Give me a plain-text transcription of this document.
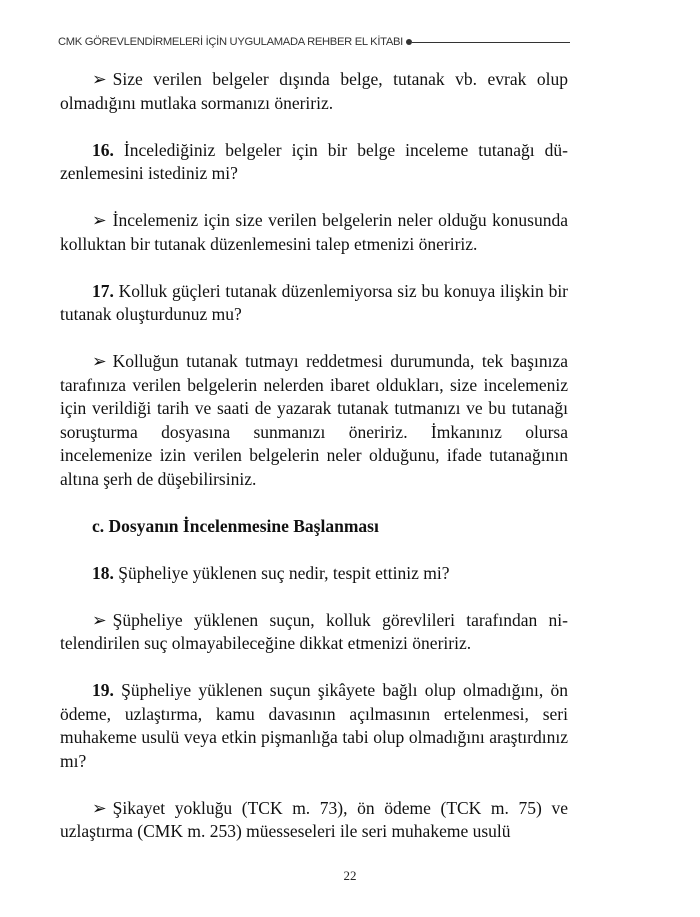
CMK GÖREVLENDİRMELERİ İÇİN UYGULAMADA REHBER EL KİTABI

➢ Size verilen belgeler dışında belge, tutanak vb. evrak olup olmadığını mutlaka sormanızı öneririz.

16. İncelediğiniz belgeler için bir belge inceleme tutanağı düzenlemesini istediniz mi?

➢ İncelemeniz için size verilen belgelerin neler olduğu konusunda kolluktan bir tutanak düzenlemesini talep etmenizi öneririz.

17. Kolluk güçleri tutanak düzenlemiyorsa siz bu konuya ilişkin bir tutanak oluşturdunuz mu?

➢ Kolluğun tutanak tutmayı reddetmesi durumunda, tek başınıza tarafınıza verilen belgelerin nelerden ibaret oldukları, size incelemeniz için verildiği tarih ve saati de yazarak tutanak tutmanızı ve bu tutanağı soruşturma dosyasına sunmanızı öneririz. İmkanınız olursa incelemenize izin verilen belgelerin neler olduğunu, ifade tutanağının altına şerh de düşebilirsiniz.

c. Dosyanın İncelenmesine Başlanması

18. Şüpheliye yüklenen suç nedir, tespit ettiniz mi?

➢ Şüpheliye yüklenen suçun, kolluk görevlileri tarafından nitelendirilen suç olmayabileceğine dikkat etmenizi öneririz.

19. Şüpheliye yüklenen suçun şikâyete bağlı olup olmadığını, ön ödeme, uzlaştırma, kamu davasının açılmasının ertelenmesi, seri muhakeme usulü veya etkin pişmanlığa tabi olup olmadığını araştırdınız mı?

➢ Şikayet yokluğu (TCK m. 73), ön ödeme (TCK m. 75) ve uzlaştırma (CMK m. 253) müesseseleri ile seri muhakeme usulü

22
